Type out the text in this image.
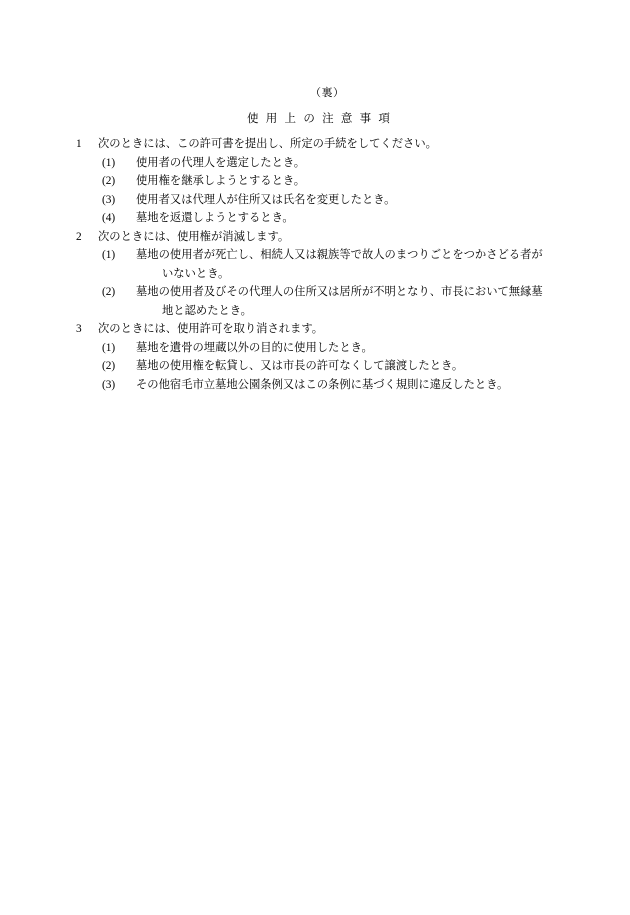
（裏）
使 用 上 の 注 意 事 項
1	次のときには、この許可書を提出し、所定の手続をしてください。
(1)	使用者の代理人を選定したとき。
(2)	使用権を継承しようとするとき。
(3)	使用者又は代理人が住所又は氏名を変更したとき。
(4)	墓地を返還しようとするとき。
2	次のときには、使用権が消滅します。
(1)	墓地の使用者が死亡し、相続人又は親族等で故人のまつりごとをつかさどる者が
いないとき。
(2)	墓地の使用者及びその代理人の住所又は居所が不明となり、市長において無縁墓
地と認めたとき。
3	次のときには、使用許可を取り消されます。
(1)	墓地を遺骨の埋蔵以外の目的に使用したとき。
(2)	墓地の使用権を転貸し、又は市長の許可なくして譲渡したとき。
(3)	その他宿毛市立墓地公園条例又はこの条例に基づく規則に違反したとき。
